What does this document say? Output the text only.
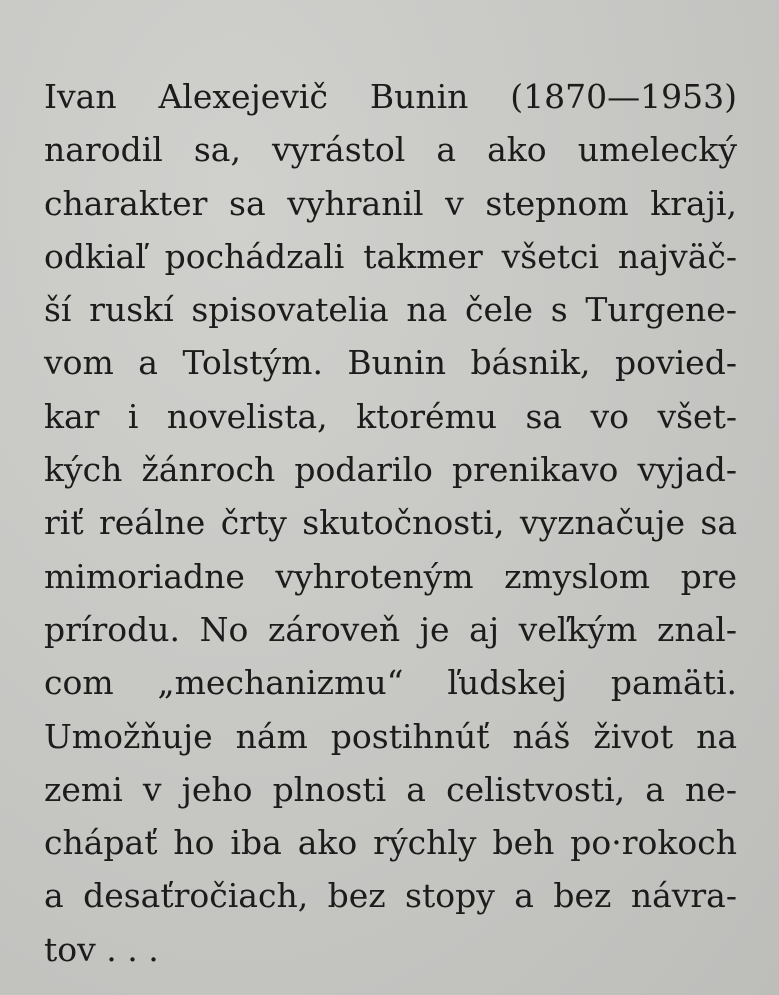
Ivan Alexejevič Bunin (1870—1953)
narodil sa, vyrástol a ako umelecký
charakter sa vyhranil v stepnom kraji,
odkiaľ pochádzali takmer všetci najväč-
ší ruskí spisovatelia na čele s Turgene-
vom a Tolstým. Bunin básnik, povied-
kar i novelista, ktorému sa vo všet-
kých žánroch podarilo prenikavo vyjad-
riť reálne črty skutočnosti, vyznačuje sa
mimoriadne vyhroteným zmyslom pre
prírodu. No zároveň je aj veľkým znal-
com „mechanizmu“ ľudskej pamäti.
Umožňuje nám postihnúť náš život na
zemi v jeho plnosti a celistvosti, a ne-
chápať ho iba ako rýchly beh po·rokoch
a desaťročiach, bez stopy a bez návra-
tov . . .
